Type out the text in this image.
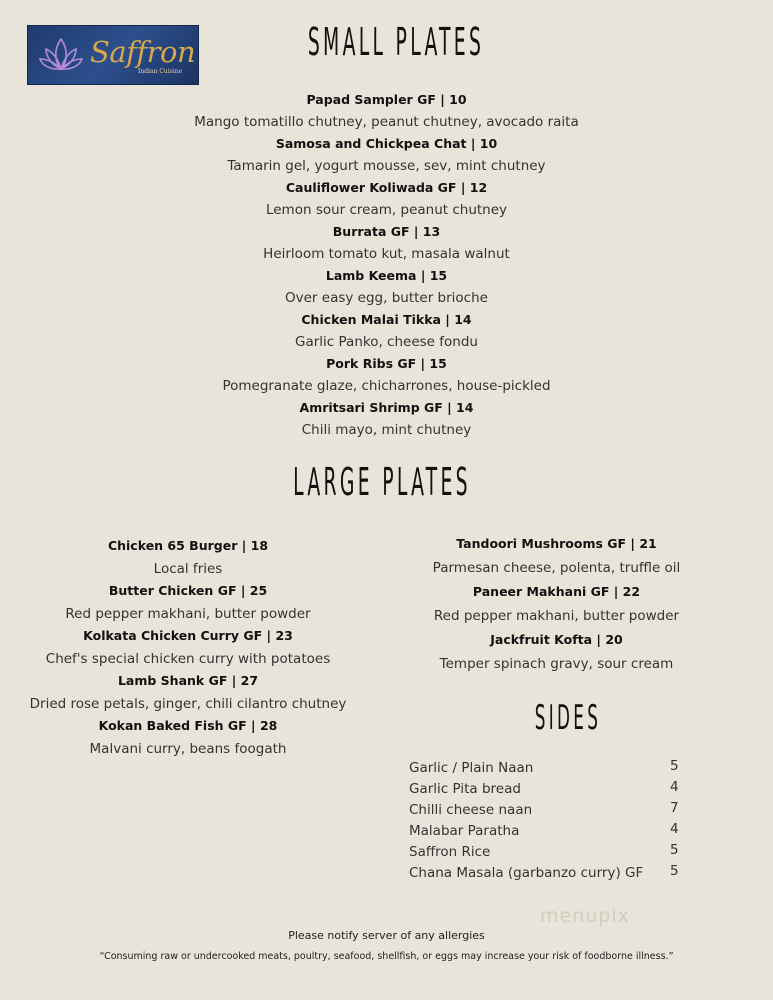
Saffron
Indian Cuisine
SMALL PLATES
Papad Sampler GF | 10
Mango tomatillo chutney, peanut chutney, avocado raita
Samosa and Chickpea Chat | 10
Tamarin gel, yogurt mousse, sev, mint chutney
Cauliflower Koliwada GF | 12
Lemon sour cream, peanut chutney
Burrata GF | 13
Heirloom tomato kut, masala walnut
Lamb Keema | 15
Over easy egg, butter brioche
Chicken Malai Tikka | 14
Garlic Panko, cheese fondu
Pork Ribs GF | 15
Pomegranate glaze, chicharrones, house-pickled
Amritsari Shrimp GF | 14
Chili mayo, mint chutney
LARGE PLATES
Chicken 65 Burger | 18
Local fries
Butter Chicken GF | 25
Red pepper makhani, butter powder
Kolkata Chicken Curry GF | 23
Chef's special chicken curry with potatoes
Lamb Shank GF | 27
Dried rose petals, ginger, chili cilantro chutney
Kokan Baked Fish GF | 28
Malvani curry, beans foogath
Tandoori Mushrooms GF | 21
Parmesan cheese, polenta, truffle oil
Paneer Makhani GF | 22
Red pepper makhani, butter powder
Jackfruit Kofta | 20
Temper spinach gravy, sour cream
SIDES
Garlic / Plain Naan	5
Garlic Pita bread	4
Chilli cheese naan	7
Malabar Paratha	4
Saffron Rice	5
Chana Masala (garbanzo curry) GF 5
menupix
Please notify server of any allergies
“Consuming raw or undercooked meats, poultry, seafood, shellfish, or eggs may increase your risk of foodborne illness.”
